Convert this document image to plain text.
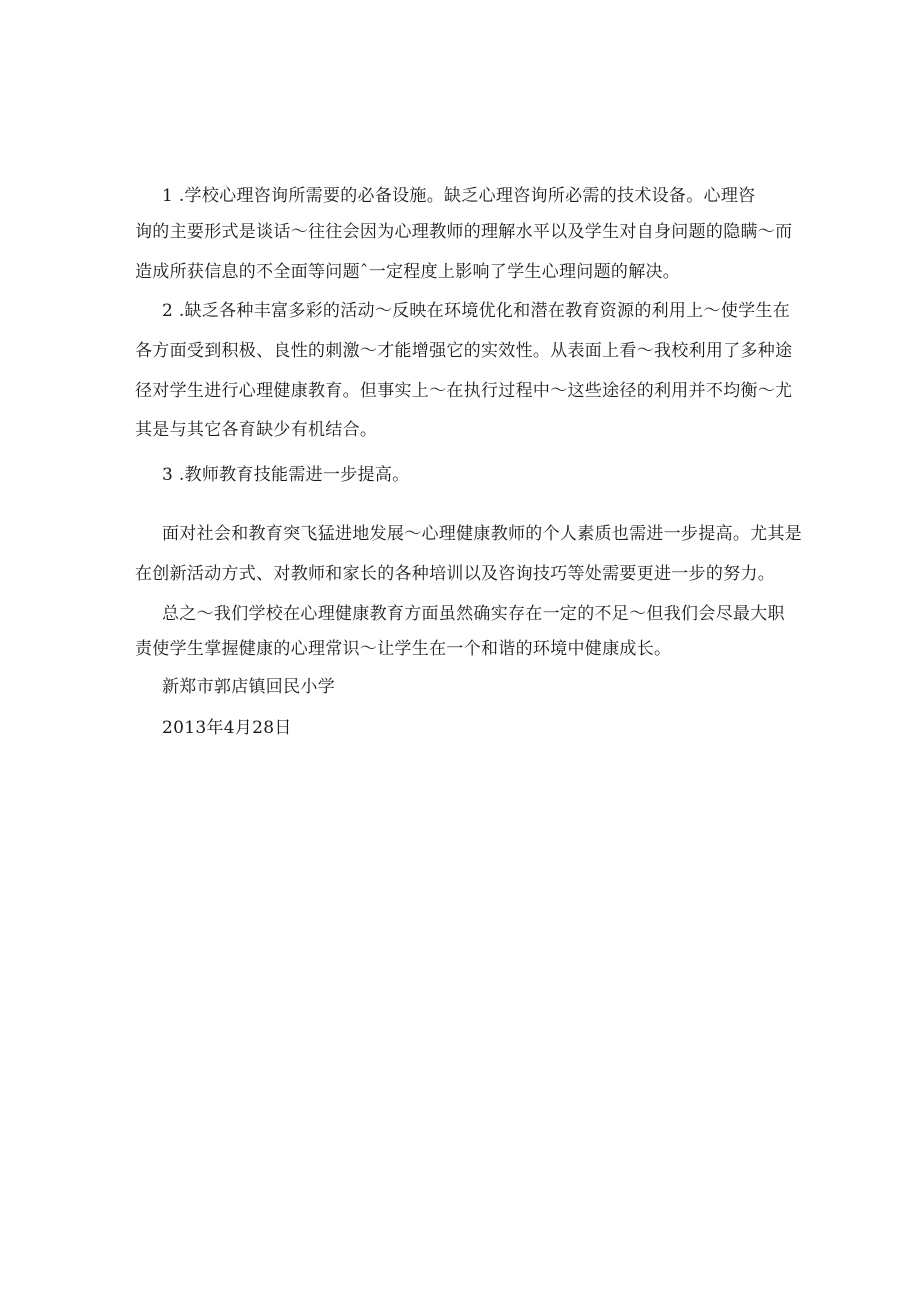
1 .学校心理咨询所需要的必备设施。缺乏心理咨询所必需的技术设备。心理咨
询的主要形式是谈话～往往会因为心理教师的理解水平以及学生对自身问题的隐瞒～而
造成所获信息的不全面等问题ˆ一定程度上影响了学生心理问题的解决。
2 .缺乏各种丰富多彩的活动～反映在环境优化和潜在教育资源的利用上～使学生在
各方面受到积极、良性的刺激～才能增强它的实效性。从表面上看～我校利用了多种途
径对学生进行心理健康教育。但事实上～在执行过程中～这些途径的利用并不均衡～尤
其是与其它各育缺少有机结合。
3 .教师教育技能需进一步提高。
面对社会和教育突飞猛进地发展～心理健康教师的个人素质也需进一步提高。尤其是
在创新活动方式、对教师和家长的各种培训以及咨询技巧等处需要更进一步的努力。
总之～我们学校在心理健康教育方面虽然确实存在一定的不足～但我们会尽最大职
责使学生掌握健康的心理常识～让学生在一个和谐的环境中健康成长。
新郑市郭店镇回民小学
2013年4月28日
